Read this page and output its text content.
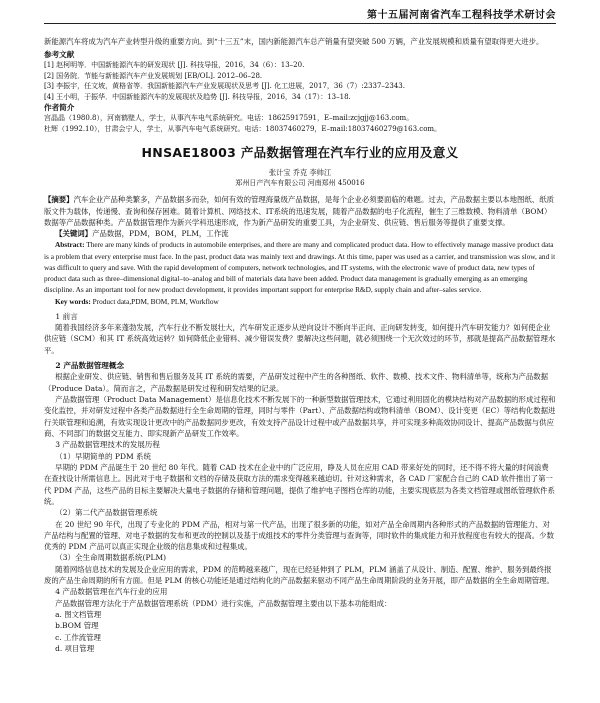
第十五届河南省汽车工程科技学术研讨会

新能源汽车将成为汽车产业转型升级的重要方向。到“十三五”末，国内新能源汽车总产销量有望突破 500 万辆，产业发展规模和质量有望取得更大进步。

参考文献
[1] 赵柯明等．中国新能源汽车的研发现状 [J]. 科技导报，2016，34（6）：13–20.
[2] 国务院．节能与新能源汽车产业发展规划 [EB/OL]. 2012–06–28.
[3] 李振宇，任文坡，黄格省等．我国新能源汽车产业发展现状及思考 [J]. 化工进展，2017，36（7）:2337–2343.
[4] 王小明，于振华．中国新能源汽车的发展现状及趋势 [J]. 科技导报，2016，34（17）：13–18.
作者简介
宫晶晶（1980.8），河南鹤壁人，学士，从事汽车电气系统研究。电话：18625917591，E–mail:zcjgjj@163.com。
杜辉（1992.10），甘肃会宁人，学士，从事汽车电气系统研究。电话：18037460279，E–mail:18037460279@163.com。
HNSAE18003 产品数据管理在汽车行业的应用及意义
张计宝 乔克 李帅江
郑州日产汽车有限公司 河南郑州 450016

【摘要】汽车企业产品种类繁多，产品数据多而杂，如何有效的管理海量级产品数据，是每个企业必须要面临的难题。过去，产品数据主要以本地图纸、纸质版文件为载体，传递慢、查询和保存困难。随着计算机、网络技术、IT系统的迅速发展，随着产品数据的电子化流程，催生了三维数模、物料清单（BOM）数据等产品数据种类。产品数据管理作为新兴学科迅速形成，作为新产品研发的重要工具，为企业研发、供应链、售后服务等提供了重要支撑。

【关键词】产品数据，PDM，BOM，PLM，工作流

Abstract: There are many kinds of products in automobile enterprises, and there are many and complicated product data. How to effectively manage massive product data is a problem that every enterprise must face. In the past, product data was mainly text and drawings. At this time, paper was used as a carrier, and transmission was slow, and it was difficult to query and save. With the rapid development of computers, network technologies, and IT systems, with the electronic wave of product data, new types of product data such as three–dimensional digital–to–analog and bill of materials data have been added. Product data management is gradually emerging as an emerging discipline. As an important tool for new product development, it provides important support for enterprise R&D, supply chain and after–sales service.

Key words: Product data,PDM, BOM, PLM, Workflow

1 前言

随着我国经济多年来蓬勃发展，汽车行业不断发展壮大，汽车研发正逐步从逆向设计不断向半正向、正向研发转变，如何提升汽车研发能力？如何使企业供应链（SCM）和其 IT 系统高效运转？如何降低企业错料、减少错误发费？要解决这些问题，就必须围绕一个无次效过的环节，那就是提高产品数据管理水平。

2 产品数据管理概念

根据企业研发、供应链、销售和售后服务及其 IT 系统的需要，产品研发过程中产生的各种图纸、软件、数模、技术文件、物料清单等，统称为产品数据（Produce Data）。简而言之，产品数据是研发过程和研发结果的记录。

产品数据管理（Product Data Management）是信息化技术不断发展下的一种新型数据管理技术，它通过利用固化的模块结构对产品数据的形成过程和变化监控，并对研发过程中各类产品数据进行全生命周期的管理，同时与零件（Part）、产品数据结构或物料清单（BOM）、设计变更（EC）等结构化数据进行关联管理和追溯，有效实现设计更改中的产品数据同步更改，有效支持产品设计过程中或产品数据共享，并可实现多种高效协同设计、提高产品数据与供应商、不同部门的数据交互能力、即实现新产品研发工作效率。

3 产品数据管理技术的发展历程
（1）早期简单的 PDM 系统

早期的 PDM 产品诞生于 20 世纪 80 年代。随着 CAD 技术在企业中的广泛应用，睁及人员在应用 CAD 带来好处的同时，还不得不将大量的时间浪费在查找设计所需信息上。因此对于电子数据和文档的存储及获取方法的需求变得越来越迫切。针对这种需求，各 CAD 厂家配合自己的 CAD 软件推出了第一代 PDM 产品，这些产品的目标主要解决大量电子数据的存储和管理问题，提供了维护电子图档仓库的功能，主要实现底层为各类文档管理或图纸管理软件系统。

（2）第二代产品数据管理系统

在 20 世纪 90 年代，出现了专业化的 PDM 产品，相对与第一代产品，出现了很多新的功能，如对产品全命周期内各种形式的产品数据的管理能力、对产品结构与配置的管理、对电子数据的发布和更改的控制以及基于成组技术的零件分类管理与查询等，同时软件的集成能力和开放程度也有较大的提高。少数优秀的 PDM 产品可以真正实现企业级的信息集成和过程集成。

（3）全生命周期数据系统(PLM)

随着网络信息技术的发展及企业应用的需求，PDM 的范畴越来越广，现在已经延伸到了 PLM，PLM 涵盖了从设计、制造、配置、维护、服务到最终报废的产品生命周期的所有方面。但是 PLM 的核心功能还是通过结构化的产品数据来驱动不同产品生命周期阶段的业务开展，即产品数据的全生命周期管理。

4 产品数据管理在汽车行业的应用

产品数据管理方法化于产品数据管理系统（PDM）进行实施，产品数据管理主要由以下基本功能组成：

a. 图文档管理
b.BOM 管理
c. 工作流管理
d. 项目管理
